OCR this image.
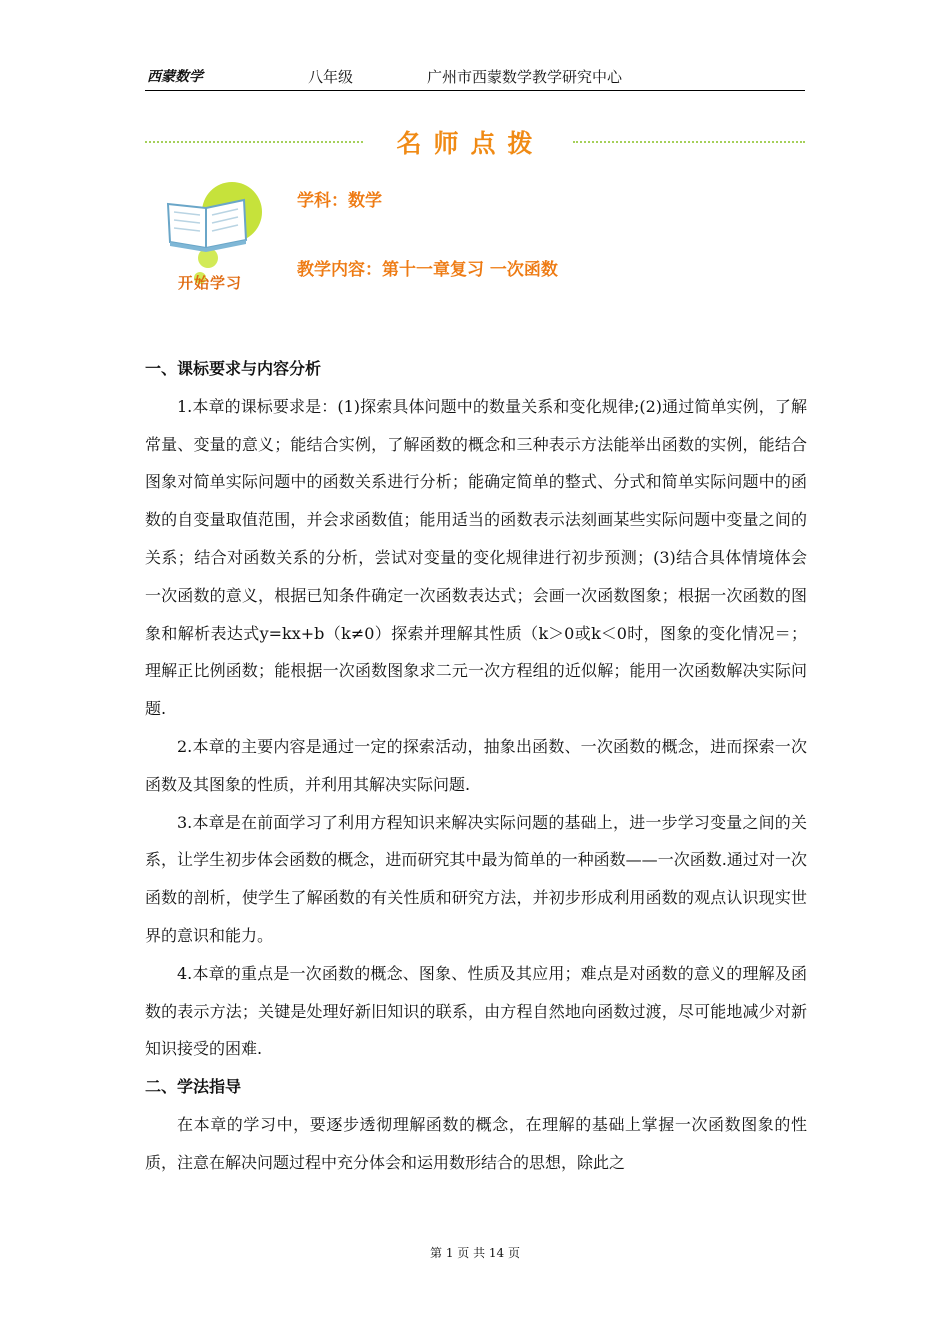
西蒙数学	八年级	广州市西蒙数学教学研究中心
名师点拨
开始学习
学科：数学
教学内容：第十一章复习 一次函数
一、课标要求与内容分析

1.本章的课标要求是：(1)探索具体问题中的数量关系和变化规律;(2)通过简单实例，了解常量、变量的意义；能结合实例，了解函数的概念和三种表示方法能举出函数的实例，能结合图象对简单实际问题中的函数关系进行分析；能确定简单的整式、分式和简单实际问题中的函数的自变量取值范围，并会求函数值；能用适当的函数表示法刻画某些实际问题中变量之间的关系；结合对函数关系的分析，尝试对变量的变化规律进行初步预测；(3)结合具体情境体会一次函数的意义，根据已知条件确定一次函数表达式；会画一次函数图象；根据一次函数的图象和解析表达式y=kx+b（k≠0）探索并理解其性质（k＞0或k＜0时，图象的变化情况＝；理解正比例函数；能根据一次函数图象求二元一次方程组的近似解；能用一次函数解决实际问题.

2.本章的主要内容是通过一定的探索活动，抽象出函数、一次函数的概念，进而探索一次函数及其图象的性质，并利用其解决实际问题.

3.本章是在前面学习了利用方程知识来解决实际问题的基础上，进一步学习变量之间的关系，让学生初步体会函数的概念，进而研究其中最为简单的一种函数——一次函数.通过对一次函数的剖析，使学生了解函数的有关性质和研究方法，并初步形成利用函数的观点认识现实世界的意识和能力。

4.本章的重点是一次函数的概念、图象、性质及其应用；难点是对函数的意义的理解及函数的表示方法；关键是处理好新旧知识的联系，由方程自然地向函数过渡，尽可能地减少对新知识接受的困难.

二、学法指导

在本章的学习中，要逐步透彻理解函数的概念，在理解的基础上掌握一次函数图象的性质，注意在解决问题过程中充分体会和运用数形结合的思想，除此之

第 1 页 共 14 页
